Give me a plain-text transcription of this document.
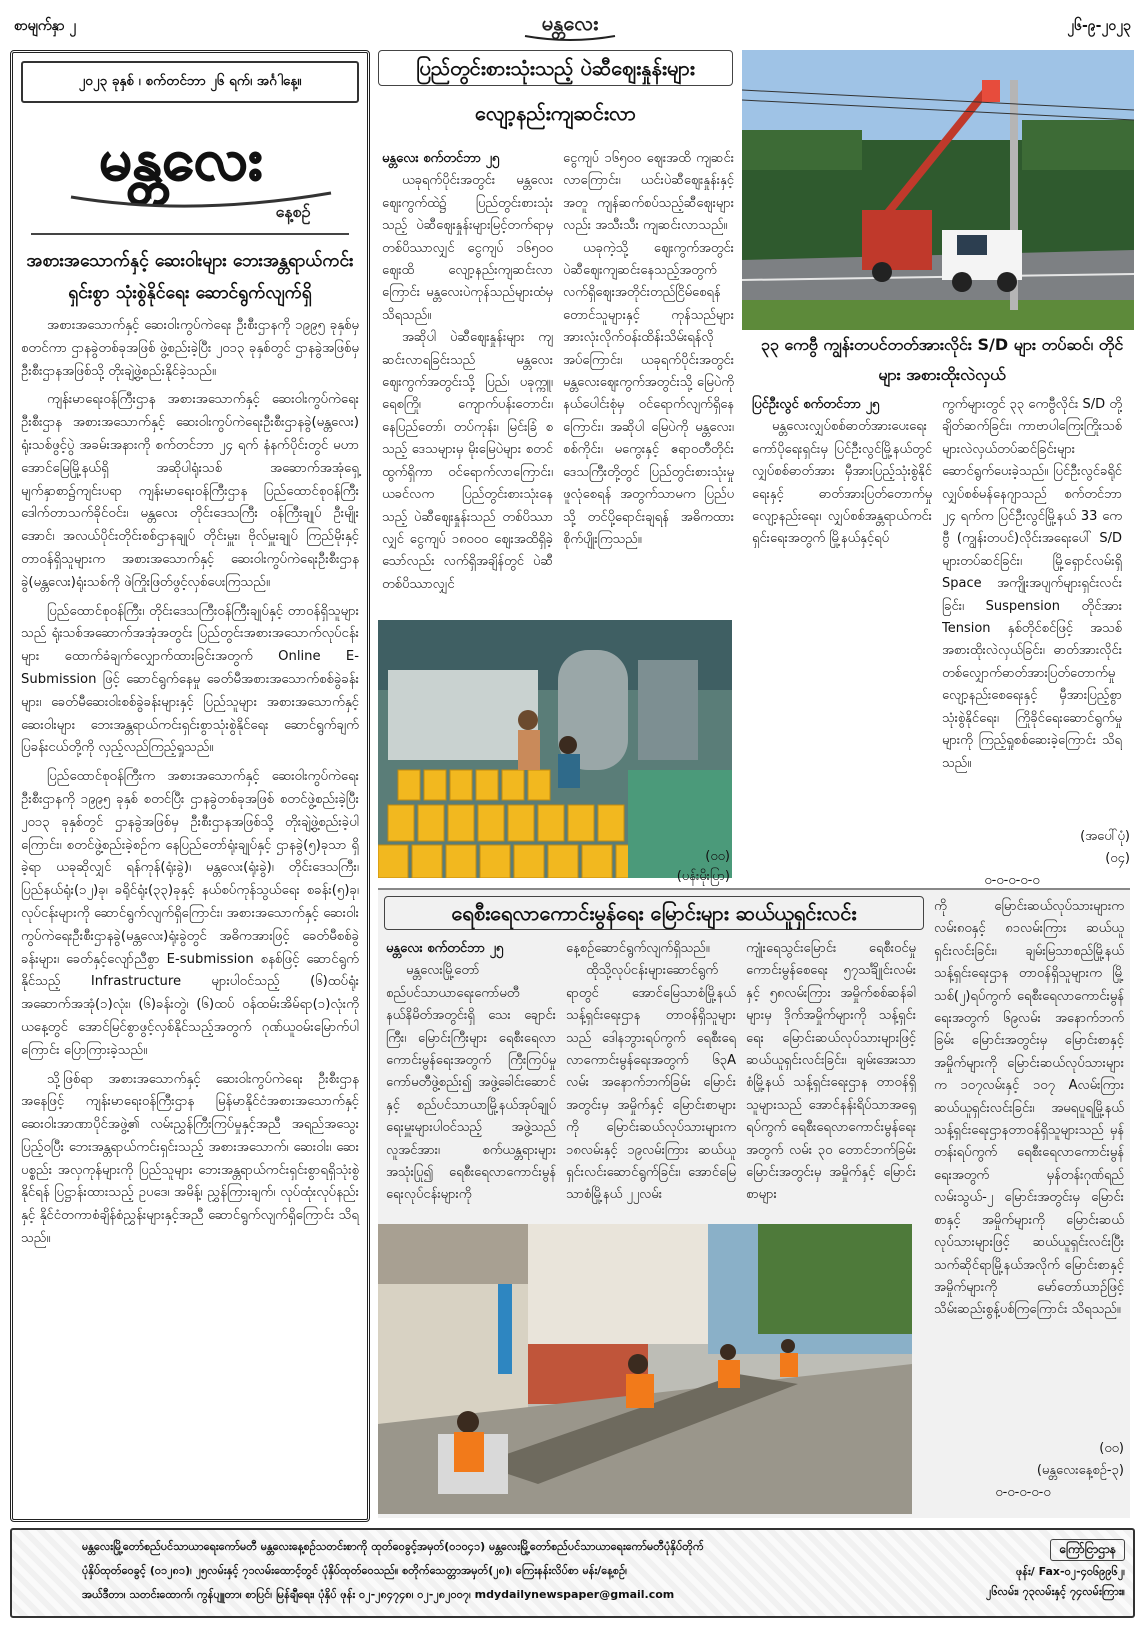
စာမျက်နှာ ၂	မန္တလေး	၂၆-၉-၂၀၂၃
၂၀၂၃ ခုနှစ် ၊ စက်တင်ဘာ ၂၆ ရက်၊ အင်္ဂါနေ့။
မန္တလေး
နေ့စဉ်
အစားအသောက်နှင့် ဆေးဝါးများ ဘေးအန္တရာယ်ကင်းရှင်းစွာ သုံးစွဲနိုင်ရေး ဆောင်ရွက်လျက်ရှိ

အစားအသောက်နှင့် ဆေးဝါးကွပ်ကဲရေး ဦးစီးဌာနကို ၁၉၉၅ ခုနှစ်မှ စတင်ကာ ဌာနခွဲတစ်ခုအဖြစ် ဖွဲ့စည်းခဲ့ပြီး ၂၀၁၃ ခုနှစ်တွင် ဌာနခွဲအဖြစ်မှ ဦးစီးဌာနအဖြစ်သို့ တိုးချဲ့ဖွဲ့စည်းနိုင်ခဲ့သည်။

ကျန်းမာရေးဝန်ကြီးဌာန အစားအသောက်နှင့် ဆေးဝါးကွပ်ကဲရေးဦးစီးဌာန အစားအသောက်နှင့် ဆေးဝါးကွပ်ကဲရေးဦးစီးဌာနခွဲ(မန္တလေး) ရုံးသစ်ဖွင့်ပွဲ အခမ်းအနားကို စက်တင်ဘာ ၂၄ ရက် နံနက်ပိုင်းတွင် မဟာအောင်မြေမြို့နယ်ရှိ အဆိုပါရုံးသစ် အဆောက်အအုံရှေ့မျက်နှာစာ၌ကျင်းပရာ ကျန်းမာရေးဝန်ကြီးဌာန ပြည်ထောင်စုဝန်ကြီး ဒေါက်တာသက်ခိုင်ဝင်း၊ မန္တလေး တိုင်းဒေသကြီး ဝန်ကြီးချုပ် ဦးမျိုးအောင်၊ အလယ်ပိုင်းတိုင်းစစ်ဌာနချုပ် တိုင်းမှူး၊ ဗိုလ်မှူးချုပ် ကြည်မိုးနှင့် တာဝန်ရှိသူများက အစားအသောက်နှင့် ဆေးဝါးကွပ်ကဲရေးဦးစီးဌာနခွဲ(မန္တလေး)ရုံးသစ်ကို ဖဲကြိုးဖြတ်ဖွင့်လှစ်ပေးကြသည်။

ပြည်ထောင်စုဝန်ကြီး၊ တိုင်းဒေသကြီးဝန်ကြီးချုပ်နှင့် တာဝန်ရှိသူများသည် ရုံးသစ်အဆောက်အအုံအတွင်း ပြည်တွင်းအစားအသောက်လုပ်ငန်းများ ထောက်ခံချက်လျှောက်ထားခြင်းအတွက် Online E-Submission ဖြင့် ဆောင်ရွက်နေမှု ခေတ်မီအစားအသောက်စစ်ခွဲခန်းများ၊ ခေတ်မီဆေးဝါးစစ်ခွဲခန်းများနှင့် ပြည်သူများ အစားအသောက်နှင့်ဆေးဝါးများ ဘေးအန္တရာယ်ကင်းရှင်းစွာသုံးစွဲနိုင်ရေး ဆောင်ရွက်ချက် ပြခန်းငယ်တို့ကို လှည့်လည်ကြည့်ရှုသည်။

ပြည်ထောင်စုဝန်ကြီးက အစားအသောက်နှင့် ဆေးဝါးကွပ်ကဲရေးဦးစီးဌာနကို ၁၉၉၅ ခုနှစ် စတင်ပြီး ဌာနခွဲတစ်ခုအဖြစ် စတင်ဖွဲ့စည်းခဲ့ပြီး ၂၀၁၃ ခုနှစ်တွင် ဌာနခွဲအဖြစ်မှ ဦးစီးဌာနအဖြစ်သို့ တိုးချဲ့ဖွဲ့စည်းခဲ့ပါကြောင်း၊ စတင်ဖွဲ့စည်းခဲ့စဉ်က နေပြည်တော်ရုံးချုပ်နှင့် ဌာနခွဲ(၅)ခုသာ ရှိခဲ့ရာ ယခုဆိုလျှင် ရန်ကုန်(ရုံးခွဲ)၊ မန္တလေး(ရုံးခွဲ)၊ တိုင်းဒေသကြီး၊ ပြည်နယ်ရုံး(၁၂)ခု၊ ခရိုင်ရုံး(၃၃)ခုနှင့် နယ်စပ်ကုန်သွယ်ရေး စခန်း(၅)ခု၊ လုပ်ငန်းများကို ဆောင်ရွက်လျက်ရှိကြောင်း၊ အစားအသောက်နှင့် ဆေးဝါး ကွပ်ကဲရေးဦးစီးဌာနခွဲ(မန္တလေး)ရုံးခွဲတွင် အဓိကအားဖြင့် ခေတ်မီစစ်ခွဲခန်းများ၊ ခေတ်နှင့်လျော်ညီစွာ E-submission စနစ်ဖြင့် ဆောင်ရွက်နိုင်သည့် Infrastructure များပါဝင်သည့် (၆)ထပ်ရုံးအဆောက်အအုံ(၁)လုံး၊ (၆)ခန်းတွဲ၊ (၆)ထပ် ဝန်ထမ်းအိမ်ရာ(၁)လုံးကို ယနေ့တွင် အောင်မြင်စွာဖွင့်လှစ်နိုင်သည့်အတွက် ဂုဏ်ယူဝမ်းမြောက်ပါကြောင်း ပြောကြားခဲ့သည်။

သို့ဖြစ်ရာ အစားအသောက်နှင့် ဆေးဝါးကွပ်ကဲရေး ဦးစီးဌာနအနေဖြင့် ကျန်းမာရေးဝန်ကြီးဌာန မြန်မာနိုင်ငံအစားအသောက်နှင့် ဆေးဝါးအာဏာပိုင်အဖွဲ့၏ လမ်းညွှန်ကြီးကြပ်မှုနှင့်အညီ အရည်အသွေးပြည့်ဝပြီး ဘေးအန္တရာယ်ကင်းရှင်းသည့် အစားအသောက်၊ ဆေးဝါး၊ ဆေးပစ္စည်း အလှကုန်များကို ပြည်သူများ ဘေးအန္တရာယ်ကင်းရှင်းစွာရရှိသုံးစွဲနိုင်ရန် ပြဋ္ဌာန်းထားသည့် ဥပဒေ၊ အမိန့်၊ ညွှန်ကြားချက်၊ လုပ်ထုံးလုပ်နည်းနှင့် နိုင်ငံတကာစံချိန်စံညွှန်းများနှင့်အညီ ဆောင်ရွက်လျက်ရှိကြောင်း သိရသည်။

ပြည်တွင်းစားသုံးသည့် ပဲဆီဈေးနှုန်းများ
လျော့နည်းကျဆင်းလာ

မန္တလေး စက်တင်ဘာ ၂၅

ယခုရက်ပိုင်းအတွင်း မန္တလေးဈေးကွက်ထဲ၌ ပြည်တွင်းစားသုံးသည့် ပဲဆီဈေးနှုန်းများမြင့်တက်ရာမှ တစ်ပိဿာလျှင် ငွေကျပ် ၁၆၅၀၀ ဈေးထိ လျော့နည်းကျဆင်းလာကြောင်း မန္တလေးပဲကုန်သည်များထံမှ သိရသည်။

အဆိုပါ ပဲဆီဈေးနှုန်းများ ကျဆင်းလာရခြင်းသည် မန္တလေးဈေးကွက်အတွင်းသို့ ပြည်၊ ပခုက္ကူ၊ ရေစကြို၊ ကျောက်ပန်းတောင်း၊ နေပြည်တော်၊ တပ်ကုန်း၊ မြင်းခြံ စသည့် ဒေသများမှ မိုးမြေပဲများ စတင်ထွက်ရှိကာ ဝင်ရောက်လာကြောင်း၊ ယခင်လက ပြည်တွင်းစားသုံးနေသည့် ပဲဆီဈေးနှုန်းသည် တစ်ပိဿာလျှင် ငွေကျပ် ၁၈၀၀၀ ဈေးအထိရှိခဲ့သော်လည်း လက်ရှိအချိန်တွင် ပဲဆီတစ်ပိဿာလျှင်

ငွေကျပ် ၁၆၅၀၀ ဈေးအထိ ကျဆင်းလာကြောင်း၊ ယင်းပဲဆီဈေးနှုန်းနှင့်အတူ ကျန်ဆက်စပ်သည့်ဆီဈေးများလည်း အသီးသီး ကျဆင်းလာသည်။

ယခုကဲ့သို့ ဈေးကွက်အတွင်း ပဲဆီဈေးကျဆင်းနေသည့်အတွက် လက်ရှိဈေးအတိုင်းတည်ငြိမ်စေရန် တောင်သူများနှင့် ကုန်သည်များ အားလုံးလိုက်ဝန်းထိန်းသိမ်းရန်လိုအပ်ကြောင်း၊ ယခုရက်ပိုင်းအတွင်း မန္တလေးဈေးကွက်အတွင်းသို့ မြေပဲကိုနယ်ပေါင်းစုံမှ ဝင်ရောက်လျက်ရှိနေကြောင်း၊ အဆိုပါ မြေပဲကို မန္တလေး၊ စစ်ကိုင်း၊ မကွေးနှင့် ဧရာဝတီတိုင်းဒေသကြီးတို့တွင် ပြည်တွင်းစားသုံးမှုဖူလုံစေရန် အတွက်သာမက ပြည်ပသို့ တင်ပို့ရောင်းချရန် အဓိကထားစိုက်ပျိုးကြသည်။

(ဝဝ)
(ပန်းမိုးပြာ)
၃၃ ကေဗွီ ကျွန်းတပင်တတ်အားလိုင်း S/D များ တပ်ဆင်၊ တိုင်များ အစားထိုးလဲလှယ်

ပြင်ဦးလွင် စက်တင်ဘာ ၂၅

မန္တလေးလျှပ်စစ်ဓာတ်အားပေးရေးကော်ပိုရေးရှင်းမှ ပြင်ဦးလွင်မြို့နယ်တွင် လျှပ်စစ်ဓာတ်အား မှီအားပြည့်သုံးစွဲနိုင်ရေးနှင့် ဓာတ်အားပြတ်တောက်မှုလျော့နည်းရေး၊ လျှပ်စစ်အန္တရာယ်ကင်းရှင်းရေးအတွက် မြို့နယ်နှင့်ရပ်

ကွက်များတွင် ၃၃ ကေဗွီလိုင်း S/D တို့ချိတ်ဆက်ခြင်း၊ ကာဗာပါကြေးကြိုးသစ်များလဲလှယ်တပ်ဆင်ခြင်းများ ဆောင်ရွက်ပေးခဲ့သည်။ ပြင်ဦးလွင်ခရိုင် လျှပ်စစ်မန်နေဂျာသည် စက်တင်ဘာ ၂၄ ရက်က ပြင်ဦးလွင်မြို့နယ် 33 ကေဗွီ (ကျွန်းတပင်)လိုင်းအရေးပေါ် S/D များတပ်ဆင်ခြင်း၊ မြို့ရှောင်လမ်းရှိ Space အကျိုးအပျက်များရှင်းလင်းခြင်း၊ Suspension တိုင်အား Tension နှစ်တိုင်စင်ဖြင့် အသစ်အစားထိုးလဲလှယ်ခြင်း၊ ဓာတ်အားလိုင်းတစ်လျှောက်ဓာတ်အားပြတ်တောက်မှုလျော့နည်းစေရေးနှင့် မှီအားပြည့်စွာသုံးစွဲနိုင်ရေး၊ ကြိုခိုင်ရေးဆောင်ရွက်မှုများကို ကြည့်ရှုစစ်ဆေးခဲ့ကြောင်း သိရသည်။

(အပေါ်ပုံ)
(ဝ၄)
ဝ-ဝ-ဝ-ဝ-ဝ
ရေစီးရေလာကောင်းမွန်ရေး မြောင်းများ ဆယ်ယူရှင်းလင်း

မန္တလေး စက်တင်ဘာ ၂၅

မန္တလေးမြို့တော်စည်ပင်သာယာရေးကော်မတီ နယ်နိမိတ်အတွင်းရှိ သေး ချောင်းကြီး၊ မြောင်းကြီးများ ရေစီးရေလာကောင်းမွန်ရေးအတွက် ကြီးကြပ်မှုကော်မတီဖွဲ့စည်း၍ အဖွဲ့ခေါင်းဆောင်နှင့် စည်ပင်သာယာမြို့နယ်အုပ်ချုပ်ရေးမှူးများပါဝင်သည့် အဖွဲ့သည် လူအင်အား၊ စက်ယန္တရားများ အသုံးပြု၍ ရေစီးရေလာကောင်းမွန်ရေးလုပ်ငန်းများကို

နေ့စဉ်ဆောင်ရွက်လျက်ရှိသည်။

ထိုသို့လုပ်ငန်းများဆောင်ရွက်ရာတွင် အောင်မြေသာစံမြို့နယ် သန့်ရှင်းရေးဌာန တာဝန်ရှိသူများသည် ဒေါနဘွားရပ်ကွက် ရေစီးရေလာကောင်းမွန်ရေးအတွက် ၆၃A လမ်း အနောက်ဘက်ခြမ်း မြောင်းအတွင်းမှ အမှိုက်နှင့် မြောင်းစာများကို မြောင်းဆယ်လုပ်သားများက ၁၈လမ်းနှင့် ၁၉လမ်းကြား ဆယ်ယူရှင်းလင်းဆောင်ရွက်ခြင်း၊ အောင်မြေသာစံမြို့နယ် ၂၂လမ်း

ကျုံးရေသွင်းမြောင်း ရေစီးဝင်မှုကောင်းမွန်စေရေး ၅၇သင်္ချိုင်းလမ်းနှင့် ၅၈လမ်းကြား အမှိုက်စစ်ဆန်ခါများမှ ဒိုက်အမှိုက်များကို သန့်ရှင်းရေး မြောင်းဆယ်လုပ်သားများဖြင့် ဆယ်ယူရှင်းလင်းခြင်း၊ ချမ်းအေးသာစံမြို့နယ် သန့်ရှင်းရေးဌာန တာဝန်ရှိသူများသည် အောင်နန်းရိပ်သာအရှေ့ရပ်ကွက် ရေစီးရေလာကောင်းမွန်ရေးအတွက် လမ်း ၃၀ တောင်ဘက်ခြမ်း မြောင်းအတွင်းမှ အမှိုက်နှင့် မြောင်းစာများ

ကို မြောင်းဆယ်လုပ်သားများက လမ်း၈၀နှင့် ၈၁လမ်းကြား ဆယ်ယူရှင်းလင်းခြင်း၊ ချမ်းမြသာစည်မြို့နယ် သန့်ရှင်းရေးဌာန တာဝန်ရှိသူများက မြို့သစ်(၂)ရပ်ကွက် ရေစီးရေလာကောင်းမွန်ရေးအတွက် ၆၉လမ်း အနောက်ဘက်ခြမ်း မြောင်းအတွင်းမှ မြောင်းစာနှင့် အမှိုက်များကို မြောင်းဆယ်လုပ်သားများက ၁၀၇လမ်းနှင့် ၁၀၇ Aလမ်းကြား ဆယ်ယူရှင်းလင်းခြင်း၊ အမရပူရမြို့နယ် သန့်ရှင်းရေးဌာနတာဝန်ရှိသူများသည် မှန်တန်းရပ်ကွက် ရေစီးရေလာကောင်းမွန်ရေးအတွက် မှန်တန်းဂုဏ်ရည်လမ်းသွယ်-၂ မြောင်းအတွင်းမှ မြောင်းစာနှင့် အမှိုက်များကို မြောင်းဆယ်လုပ်သားများဖြင့် ဆယ်ယူရှင်းလင်းပြီး သက်ဆိုင်ရာမြို့နယ်အလိုက် မြောင်းစာနှင့်အမှိုက်များကို မော်တော်ယာဉ်ဖြင့် သိမ်းဆည်းစွန့်ပစ်ကြကြောင်း သိရသည်။

(ဝဝ)
(မန္တလေးနေ့စဉ်-၃)
ဝ-ဝ-ဝ-ဝ-ဝ
မန္တလေးမြို့တော်စည်ပင်သာယာရေးကော်မတီ မန္တလေးနေ့စဉ်သတင်းစာကို ထုတ်ဝေခွင့်အမှတ်(၀၁၀၄၁) မန္တလေးမြို့တော်စည်ပင်သာယာရေးကော်မတီပုံနှိပ်တိုက်
ပုံနှိပ်ထုတ်ဝေခွင့် (၀၁၂၈၁)၊ ၂၅လမ်းနှင့် ၇၁လမ်းထောင့်တွင် ပုံနှိပ်ထုတ်ဝေသည်။ စတိုက်သေတ္တာအမှတ်(၂၈)၊ ကြေးနန်းလိပ်စာ မန်း/နေ့စဉ်၊
အယ်ဒီတာ၊ သတင်းထောက်၊ ကွန်ပျူတာ၊ စာပြင်၊ မြန်ချီရေး၊ ပုံနှိပ် ဖုန်း ၀၂-၂၈၄၇၄၈၊ ၀၂-၂၈၂၀၀၇၊ mdydailynewspaper@gmail.com
ကြော်ငြာဌာန
ဖုန်း/ Fax-၀၂-၄၀၆၉၉၆၂၊
၂၆လမ်း၊ ၇၃လမ်းနှင့် ၇၄လမ်းကြား။
